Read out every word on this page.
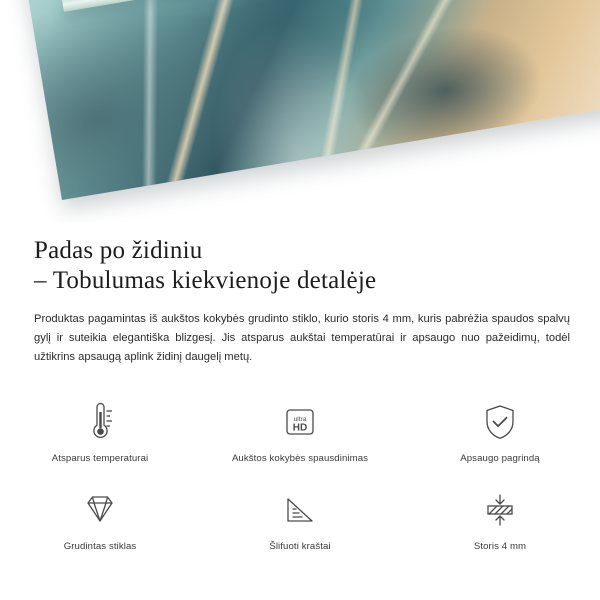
Padas po židiniu
– Tobulumas kiekvienoje detalėje

Produktas pagamintas iš aukštos kokybės grudinto stiklo, kurio storis 4 mm, kuris pabrėžia spaudos spalvų gylį ir suteikia elegantiška blizgesį. Jis atsparus aukštai temperatūrai ir apsaugo nuo pažeidimų, todėl užtikrins apsaugą aplink židinį daugelį metų.

Atsparus temperaturai
ultra
HD
Aukštos kokybės spausdinimas	Apsaugo pagrindą
Grudintas stiklas	Šlifuoti kraštai	Storis 4 mm
